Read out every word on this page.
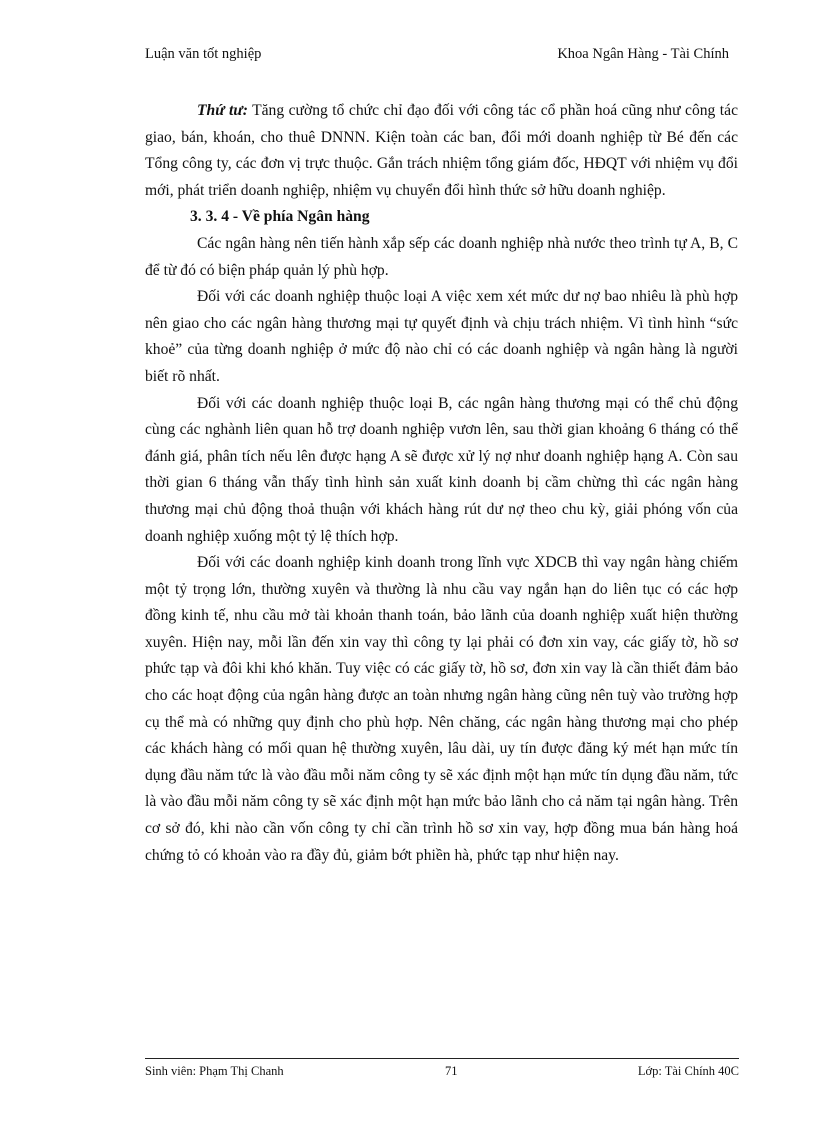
Luận văn tốt nghiệp	Khoa Ngân Hàng - Tài Chính

Thứ tư: Tăng cường tổ chức chỉ đạo đối với công tác cổ phần hoá cũng như công tác giao, bán, khoán, cho thuê DNNN. Kiện toàn các ban, đổi mới doanh nghiệp từ Bé đến các Tổng công ty, các đơn vị trực thuộc. Gắn trách nhiệm tổng giám đốc, HĐQT với nhiệm vụ đổi mới, phát triển doanh nghiệp, nhiệm vụ chuyển đổi hình thức sở hữu doanh nghiệp.

3. 3. 4 - Về phía Ngân hàng

Các ngân hàng nên tiến hành xắp sếp các doanh nghiệp nhà nước theo trình tự A, B, C để từ đó có biện pháp quản lý phù hợp.

Đối với các doanh nghiệp thuộc loại A việc xem xét mức dư nợ bao nhiêu là phù hợp nên giao cho các ngân hàng thương mại tự quyết định và chịu trách nhiệm. Vì tình hình “sức khoẻ” của từng doanh nghiệp ở mức độ nào chỉ có các doanh nghiệp và ngân hàng là người biết rõ nhất.

Đối với các doanh nghiệp thuộc loại B, các ngân hàng thương mại có thể chủ động cùng các nghành liên quan hỗ trợ doanh nghiệp vươn lên, sau thời gian khoảng 6 tháng có thể đánh giá, phân tích nếu lên được hạng A sẽ được xử lý nợ như doanh nghiệp hạng A. Còn sau thời gian 6 tháng vẫn thấy tình hình sản xuất kinh doanh bị cầm chừng thì các ngân hàng thương mại chủ động thoả thuận với khách hàng rút dư nợ theo chu kỳ, giải phóng vốn của doanh nghiệp xuống một tỷ lệ thích hợp.

Đối với các doanh nghiệp kinh doanh trong lĩnh vực XDCB thì vay ngân hàng chiếm một tỷ trọng lớn, thường xuyên và thường là nhu cầu vay ngắn hạn do liên tục có các hợp đồng kinh tế, nhu cầu mở tài khoản thanh toán, bảo lãnh của doanh nghiệp xuất hiện thường xuyên. Hiện nay, mỗi lần đến xin vay thì công ty lại phải có đơn xin vay, các giấy tờ, hồ sơ phức tạp và đôi khi khó khăn. Tuy việc có các giấy tờ, hồ sơ, đơn xin vay là cần thiết đảm bảo cho các hoạt động của ngân hàng được an toàn nhưng ngân hàng cũng nên tuỳ vào trường hợp cụ thể mà có những quy định cho phù hợp. Nên chăng, các ngân hàng thương mại cho phép các khách hàng có mối quan hệ thường xuyên, lâu dài, uy tín được đăng ký mét hạn mức tín dụng đầu năm tức là vào đầu mỗi năm công ty sẽ xác định một hạn mức tín dụng đầu năm, tức là vào đầu mỗi năm công ty sẽ xác định một hạn mức bảo lãnh cho cả năm tại ngân hàng. Trên cơ sở đó, khi nào cần vốn công ty chỉ cần trình hồ sơ xin vay, hợp đồng mua bán hàng hoá chứng tỏ có khoản vào ra đầy đủ, giảm bớt phiền hà, phức tạp như hiện nay.

Sinh viên: Phạm Thị Chanh	71	Lớp: Tài Chính 40C
